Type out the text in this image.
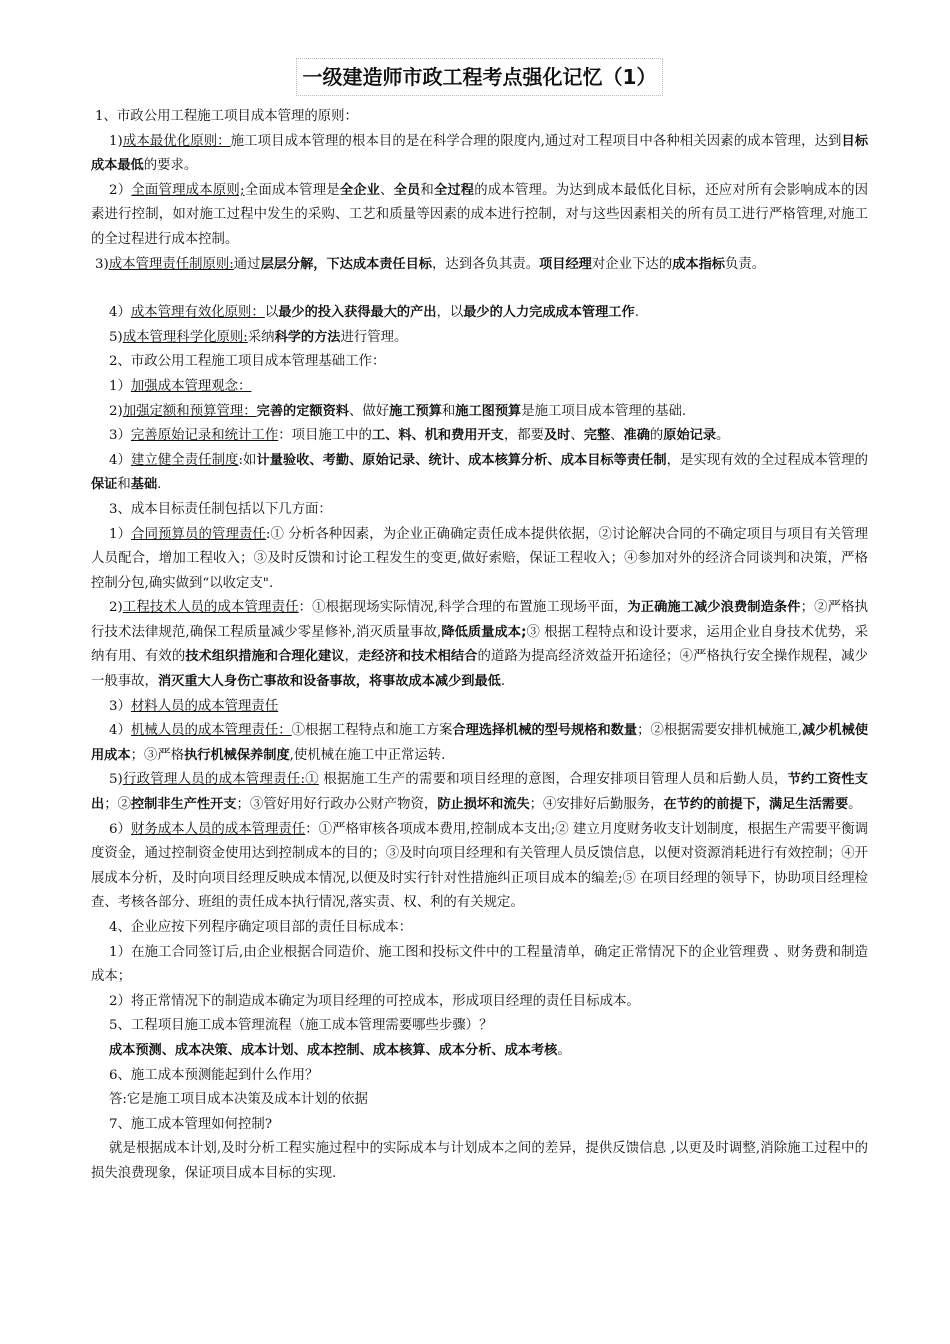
一级建造师市政工程考点强化记忆（1）

1、市政公用工程施工项目成本管理的原则：

1)成本最优化原则：施工项目成本管理的根本目的是在科学合理的限度内,通过对工程项目中各种相关因素的成本管理，达到目标成本最低的要求。

2）全面管理成本原则;全面成本管理是全企业、全员和全过程的成本管理。为达到成本最低化目标，还应对所有会影响成本的因素进行控制，如对施工过程中发生的采购、工艺和质量等因素的成本进行控制，对与这些因素相关的所有员工进行严格管理,对施工的全过程进行成本控制。

3)成本管理责任制原则:通过层层分解，下达成本责任目标，达到各负其责。项目经理对企业下达的成本指标负责。

4）成本管理有效化原则：以最少的投入获得最大的产出，以最少的人力完成成本管理工作.

5)成本管理科学化原则:采纳科学的方法进行管理。

2、市政公用工程施工项目成本管理基础工作：

1）加强成本管理观念：

2)加强定额和预算管理：完善的定额资料、做好施工预算和施工图预算是施工项目成本管理的基础.

3）完善原始记录和统计工作：项目施工中的工、料、机和费用开支，都要及时、完整、准确的原始记录。

4）建立健全责任制度:如计量验收、考勤、原始记录、统计、成本核算分析、成本目标等责任制，是实现有效的全过程成本管理的保证和基础.

3、成本目标责任制包括以下几方面：

1）合同预算员的管理责任:① 分析各种因素，为企业正确确定责任成本提供依据，②讨论解决合同的不确定项目与项目有关管理人员配合，增加工程收入；③及时反馈和讨论工程发生的变更,做好索赔，保证工程收入；④参加对外的经济合同谈判和决策，严格控制分包,确实做到“以收定支".

2)工程技术人员的成本管理责任：①根据现场实际情况,科学合理的布置施工现场平面，为正确施工减少浪费制造条件；②严格执行技术法律规范,确保工程质量减少零星修补,消灭质量事故,降低质量成本;③ 根据工程特点和设计要求，运用企业自身技术优势，采纳有用、有效的技术组织措施和合理化建议，走经济和技术相结合的道路为提高经济效益开拓途径；④严格执行安全操作规程，减少一般事故，消灭重大人身伤亡事故和设备事故，将事故成本减少到最低.

3）材料人员的成本管理责任

4）机械人员的成本管理责任：①根据工程特点和施工方案合理选择机械的型号规格和数量；②根据需要安排机械施工,减少机械使用成本；③严格执行机械保养制度,使机械在施工中正常运转.

5)行政管理人员的成本管理责任:① 根据施工生产的需要和项目经理的意图，合理安排项目管理人员和后勤人员，节约工资性支出；②控制非生产性开支；③管好用好行政办公财产物资，防止损坏和流失；④安排好后勤服务，在节约的前提下，满足生活需要。

6）财务成本人员的成本管理责任：①严格审核各项成本费用,控制成本支出;② 建立月度财务收支计划制度，根据生产需要平衡调度资金，通过控制资金使用达到控制成本的目的；③及时向项目经理和有关管理人员反馈信息，以便对资源消耗进行有效控制；④开展成本分析，及时向项目经理反映成本情况,以便及时实行针对性措施纠正项目成本的编差;⑤ 在项目经理的领导下，协助项目经理检查、考核各部分、班组的责任成本执行情况,落实责、权、利的有关规定。

4、企业应按下列程序确定项目部的责任目标成本：

1）在施工合同签订后,由企业根据合同造价、施工图和投标文件中的工程量清单，确定正常情况下的企业管理费 、财务费和制造成本；

2）将正常情况下的制造成本确定为项目经理的可控成本，形成项目经理的责任目标成本。

5、工程项目施工成本管理流程（施工成本管理需要哪些步骤）？

成本预测、成本决策、成本计划、成本控制、成本核算、成本分析、成本考核。

6、施工成本预测能起到什么作用？

答:它是施工项目成本决策及成本计划的依据

7、施工成本管理如何控制?

就是根据成本计划,及时分析工程实施过程中的实际成本与计划成本之间的差异，提供反馈信息 ,以更及时调整,消除施工过程中的损失浪费现象，保证项目成本目标的实现.
